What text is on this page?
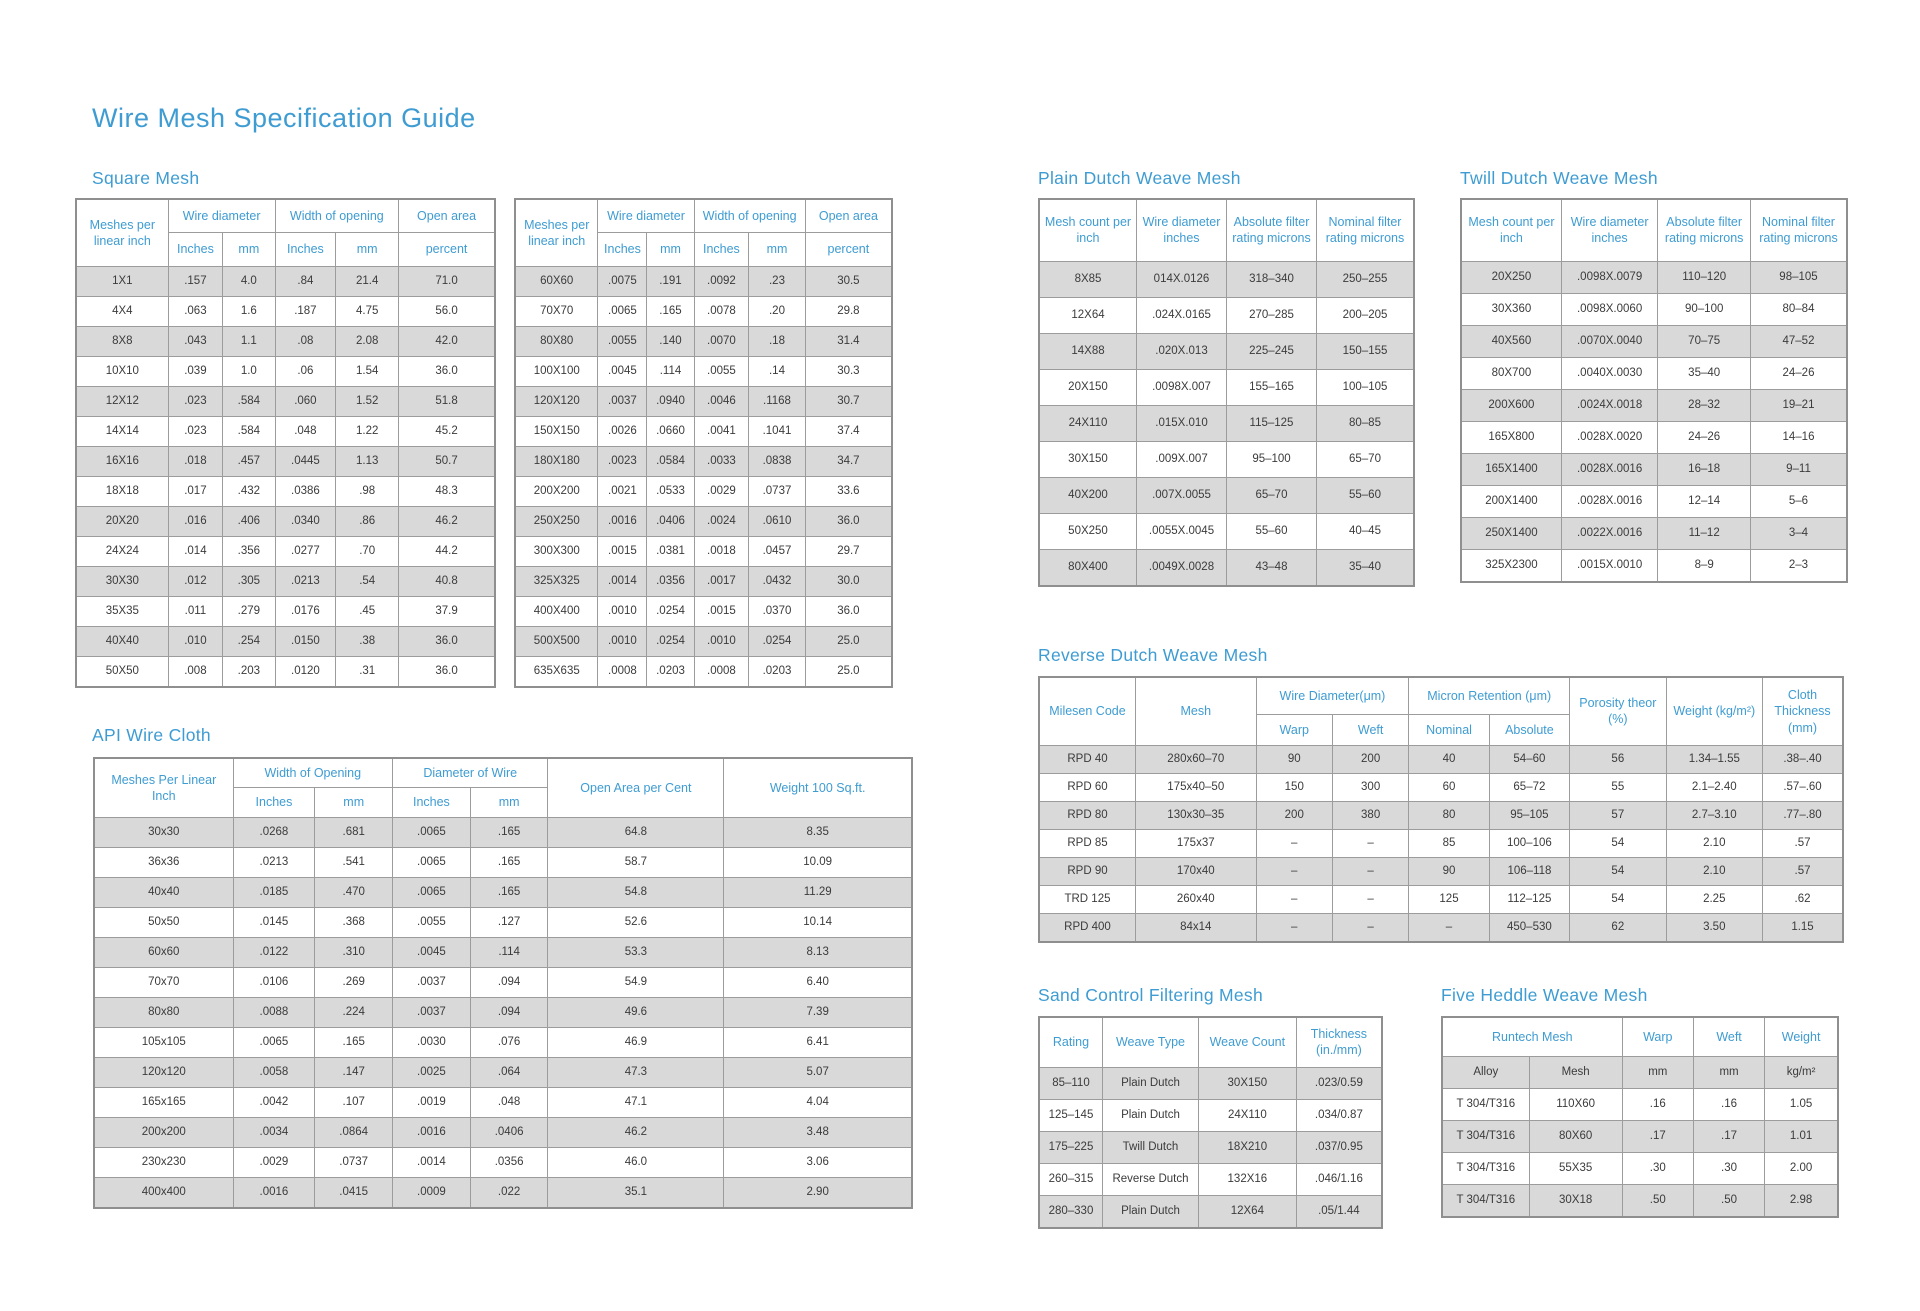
Wire Mesh Specification Guide
Square Mesh
Meshes per linear inch	Wire diameter		Width of opening		Open area
	Inches	mm	Inches	mm	percent
1X1	.157	4.0	.84	21.4	71.0
4X4	.063	1.6	.187	4.75	56.0
8X8	.043	1.1	.08	2.08	42.0
10X10	.039	1.0	.06	1.54	36.0
12X12	.023	.584	.060	1.52	51.8
14X14	.023	.584	.048	1.22	45.2
16X16	.018	.457	.0445	1.13	50.7
18X18	.017	.432	.0386	.98	48.3
20X20	.016	.406	.0340	.86	46.2
24X24	.014	.356	.0277	.70	44.2
30X30	.012	.305	.0213	.54	40.8
35X35	.011	.279	.0176	.45	37.9
40X40	.010	.254	.0150	.38	36.0
50X50	.008	.203	.0120	.31	36.0
Meshes per linear inch	Wire diameter		Width of opening		Open area
	Inches	mm	Inches	mm	percent
60X60	.0075	.191	.0092	.23	30.5
70X70	.0065	.165	.0078	.20	29.8
80X80	.0055	.140	.0070	.18	31.4
100X100	.0045	.114	.0055	.14	30.3
120X120	.0037	.0940	.0046	.1168	30.7
150X150	.0026	.0660	.0041	.1041	37.4
180X180	.0023	.0584	.0033	.0838	34.7
200X200	.0021	.0533	.0029	.0737	33.6
250X250	.0016	.0406	.0024	.0610	36.0
300X300	.0015	.0381	.0018	.0457	29.7
325X325	.0014	.0356	.0017	.0432	30.0
400X400	.0010	.0254	.0015	.0370	36.0
500X500	.0010	.0254	.0010	.0254	25.0
635X635	.0008	.0203	.0008	.0203	25.0
API Wire Cloth
Meshes Per Linear Inch	Width of Opening		Diameter of Wire		Open Area per Cent	Weight 100 Sq.ft.
	Inches	mm	Inches	mm		
30x30	.0268	.681	.0065	.165	64.8	8.35
36x36	.0213	.541	.0065	.165	58.7	10.09
40x40	.0185	.470	.0065	.165	54.8	11.29
50x50	.0145	.368	.0055	.127	52.6	10.14
60x60	.0122	.310	.0045	.114	53.3	8.13
70x70	.0106	.269	.0037	.094	54.9	6.40
80x80	.0088	.224	.0037	.094	49.6	7.39
105x105	.0065	.165	.0030	.076	46.9	6.41
120x120	.0058	.147	.0025	.064	47.3	5.07
165x165	.0042	.107	.0019	.048	47.1	4.04
200x200	.0034	.0864	.0016	.0406	46.2	3.48
230x230	.0029	.0737	.0014	.0356	46.0	3.06
400x400	.0016	.0415	.0009	.022	35.1	2.90
Plain Dutch Weave Mesh
Mesh count per inch	Wire diameter inches	Absolute filter rating microns	Nominal filter rating microns
8X85	014X.0126	318–340	250–255
12X64	.024X.0165	270–285	200–205
14X88	.020X.013	225–245	150–155
20X150	.0098X.007	155–165	100–105
24X110	.015X.010	115–125	80–85
30X150	.009X.007	95–100	65–70
40X200	.007X.0055	65–70	55–60
50X250	.0055X.0045	55–60	40–45
80X400	.0049X.0028	43–48	35–40
Twill Dutch Weave Mesh
Mesh count per inch	Wire diameter inches	Absolute filter rating microns	Nominal filter rating microns
20X250	.0098X.0079	110–120	98–105
30X360	.0098X.0060	90–100	80–84
40X560	.0070X.0040	70–75	47–52
80X700	.0040X.0030	35–40	24–26
200X600	.0024X.0018	28–32	19–21
165X800	.0028X.0020	24–26	14–16
165X1400	.0028X.0016	16–18	9–11
200X1400	.0028X.0016	12–14	5–6
250X1400	.0022X.0016	11–12	3–4
325X2300	.0015X.0010	8–9	2–3
Reverse Dutch Weave Mesh
Milesen Code	Mesh	Wire Diameter(μm)		Micron Retention (μm)		Porosity theor (%)	Weight (kg/m²)	Cloth Thickness (mm)
		Warp	Weft	Nominal	Absolute			
RPD 40	280x60–70	90	200	40	54–60	56	1.34–1.55	.38–.40
RPD 60	175x40–50	150	300	60	65–72	55	2.1–2.40	.57–.60
RPD 80	130x30–35	200	380	80	95–105	57	2.7–3.10	.77–.80
RPD 85	175x37	–	–	85	100–106	54	2.10	.57
RPD 90	170x40	–	–	90	106–118	54	2.10	.57
TRD 125	260x40	–	–	125	112–125	54	2.25	.62
RPD 400	84x14	–	–	–	450–530	62	3.50	1.15
Sand Control Filtering Mesh
Rating	Weave Type	Weave Count	Thickness (in./mm)
85–110	Plain Dutch	30X150	.023/0.59
125–145	Plain Dutch	24X110	.034/0.87
175–225	Twill Dutch	18X210	.037/0.95
260–315	Reverse Dutch	132X16	.046/1.16
280–330	Plain Dutch	12X64	.05/1.44
Five Heddle Weave Mesh
Runtech Mesh		Warp	Weft	Weight
Alloy	Mesh	mm	mm	kg/m²
T 304/T316	110X60	.16	.16	1.05
T 304/T316	80X60	.17	.17	1.01
T 304/T316	55X35	.30	.30	2.00
T 304/T316	30X18	.50	.50	2.98
